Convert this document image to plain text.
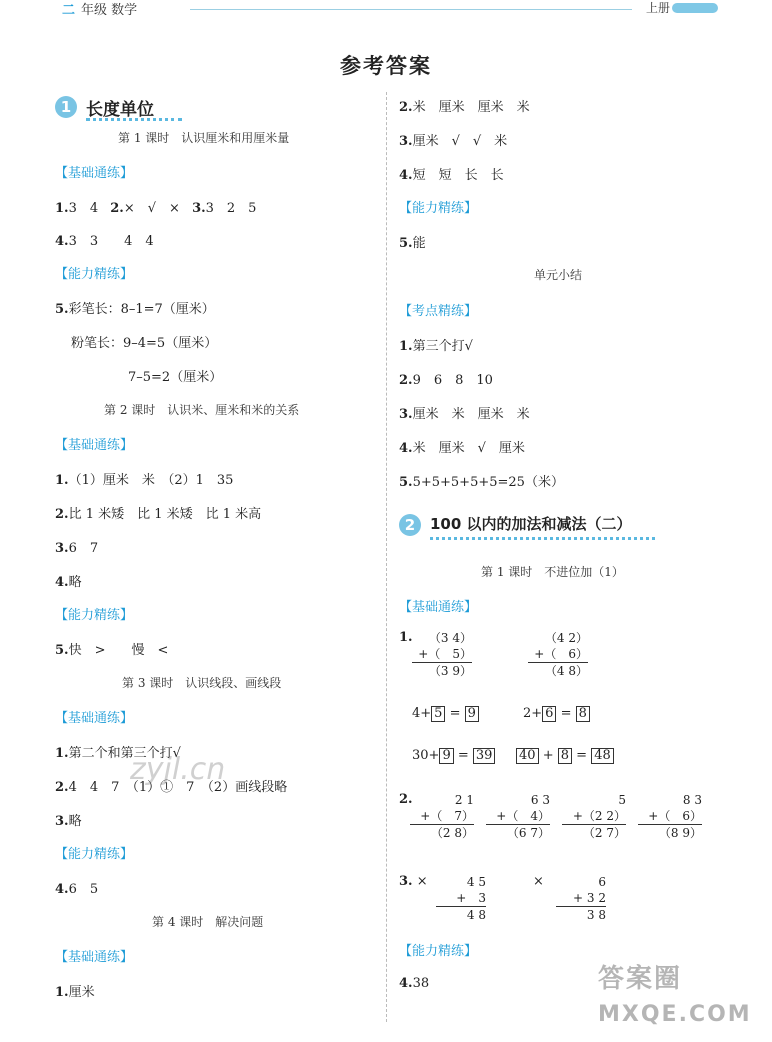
二 年级 数学	上册
参考答案
1 长度单位
第 1 课时　认识厘米和用厘米量
【基础通练】
1.3　4 2.×　√　× 3.3　2　5
4.3　3　　4　4
【能力精练】
5.彩笔长：8–1=7（厘米）
粉笔长：9–4=5（厘米）
7–5=2（厘米）
第 2 课时　认识米、厘米和米的关系
【基础通练】
1.（1）厘米　米　（2）1　35
2.比 1 米矮　比 1 米矮　比 1 米高
3.6　7
4.略
【能力精练】
5.快　>　　慢　<
第 3 课时　认识线段、画线段
【基础通练】
1.第二个和第三个打√
2.4　4　7　（1）①　7　（2）画线段略
3.略
【能力精练】
4.6　5
第 4 课时　解决问题
【基础通练】
1.厘米
zyjl.cn
2.米　厘米　厘米　米
3.厘米　√　√　米
4.短　短　长　长
【能力精练】
5.能
单元小结
【考点精练】
1.第三个打√
2.9　6　8　10
3.厘米　米　厘米　米
4.米　厘米　√　厘米
5.5+5+5+5+5=25（米）
2 100 以内的加法和减法（二）
第 1 课时　不进位加（1）
【基础通练】
1.	（3 4）
+（　5）
（3 9）
（4 2）
+（　6）
（4 8）
4+ 5 = 9	2+ 6 = 8
30+ 9 = 39 40 + 8 = 48
2.	2 1
+（　7）
（2 8）
6 3
+（　4）
（6 7）
5
+（2 2）
（2 7）
8 3
+（　6）
（8 9）
3. ×	4 5
+　3
4 8
×	6
+ 3 2
3 8
【能力精练】
4.38	答案圈
MXQE.COM
